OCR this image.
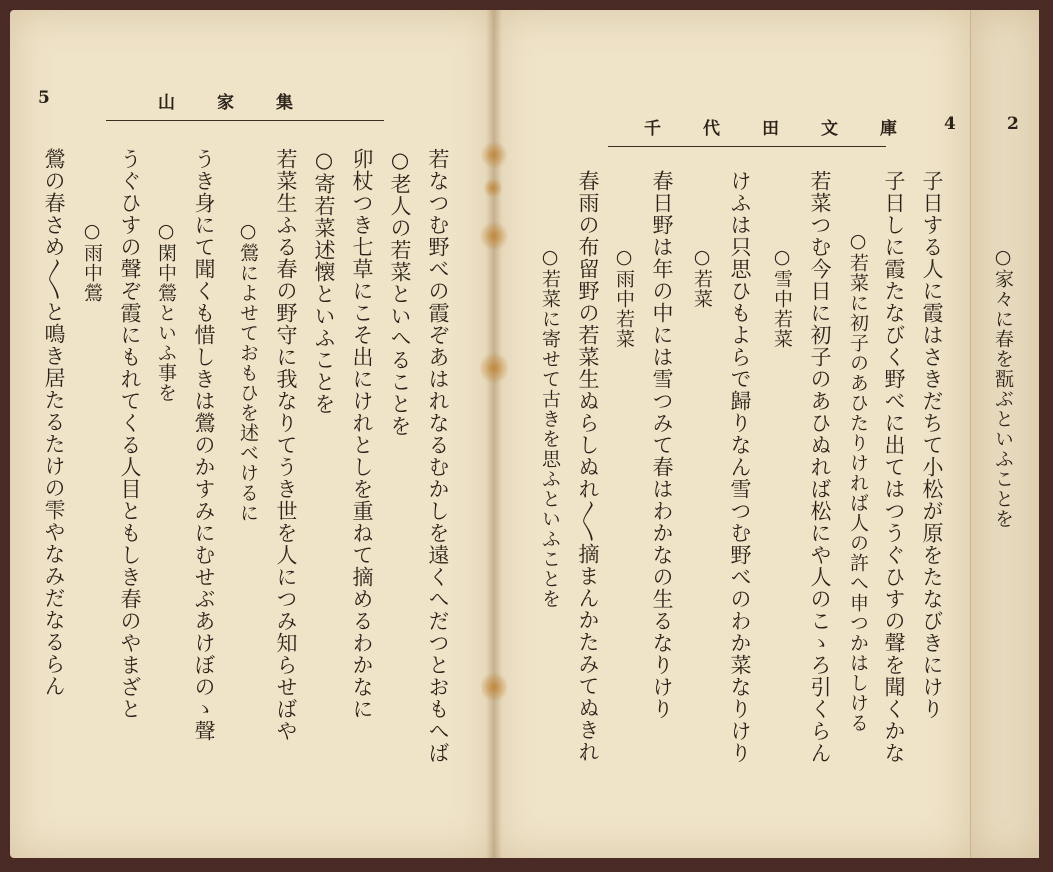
5	山家集
若なつむ野べの霞ぞあはれなるむかしを遠くへだつとおもへば
○老人の若菜といへることを
卯杖つき七草にこそ出にけれとしを重ねて摘めるわかなに
○寄若菜述懐といふことを
若菜生ふる春の野守に我なりてうき世を人につみ知らせばや
○鶯によせておもひを述べけるに
うき身にて聞くも惜しきは鶯のかすみにむせぶあけぼのゝ聲
○閑中鶯といふ事を
うぐひすの聲ぞ霞にもれてくる人目ともしき春のやまざと
○雨中鶯
鶯の春さめ〳〵と鳴き居たるたけの雫やなみだなるらん
千代田文庫 4
子日する人に霞はさきだちて小松が原をたなびきにけり
子日しに霞たなびく野べに出てはつうぐひすの聲を聞くかな
○若菜に初子のあひたりければ人の許へ申つかはしける
若菜つむ今日に初子のあひぬれば松にや人のこゝろ引くらん
○雪中若菜
けふは只思ひもよらで歸りなん雪つむ野べのわか菜なりけり
○若菜
春日野は年の中には雪つみて春はわかなの生るなりけり
○雨中若菜
春雨の布留野の若菜生ぬらしぬれ〳〵摘まんかたみてぬきれ
○若菜に寄せて古きを思ふといふことを
2
○家々に春を翫ぶといふことを
